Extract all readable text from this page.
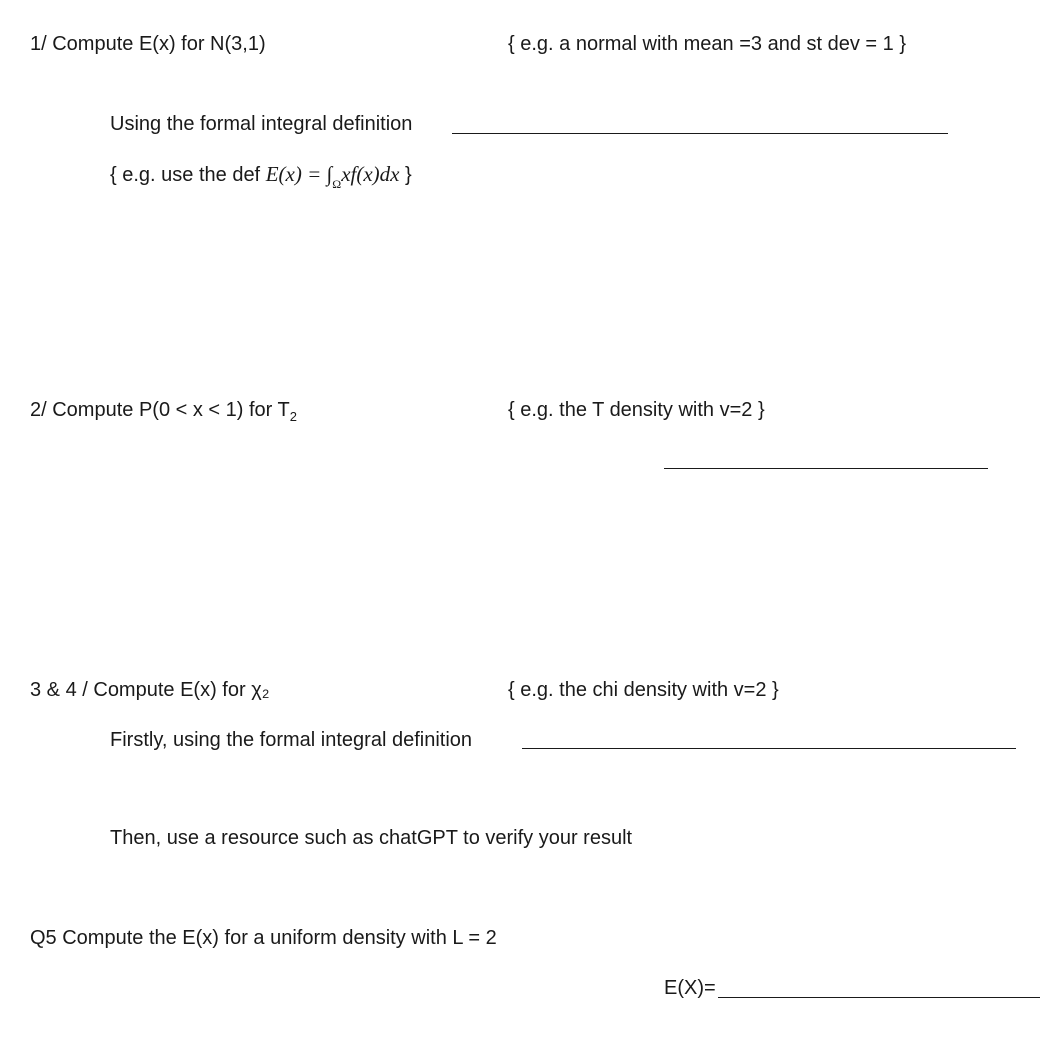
1/ Compute E(x) for N(3,1)	{ e.g. a normal with mean =3 and st dev = 1 }
Using the formal integral definition
{ e.g. use the def $E(x) = \int_\Omega xf(x)dx$ }
2/ Compute P(0 < x < 1) for $T_2$	{ e.g. the T density with v=2 }
3 & 4 / Compute E(x) for χ₂	{ e.g. the chi density with v=2 }
Firstly, using the formal integral definition
Then, use a resource such as chatGPT to verify your result
Q5 Compute the E(x) for a uniform density with L = 2
E(X)=
